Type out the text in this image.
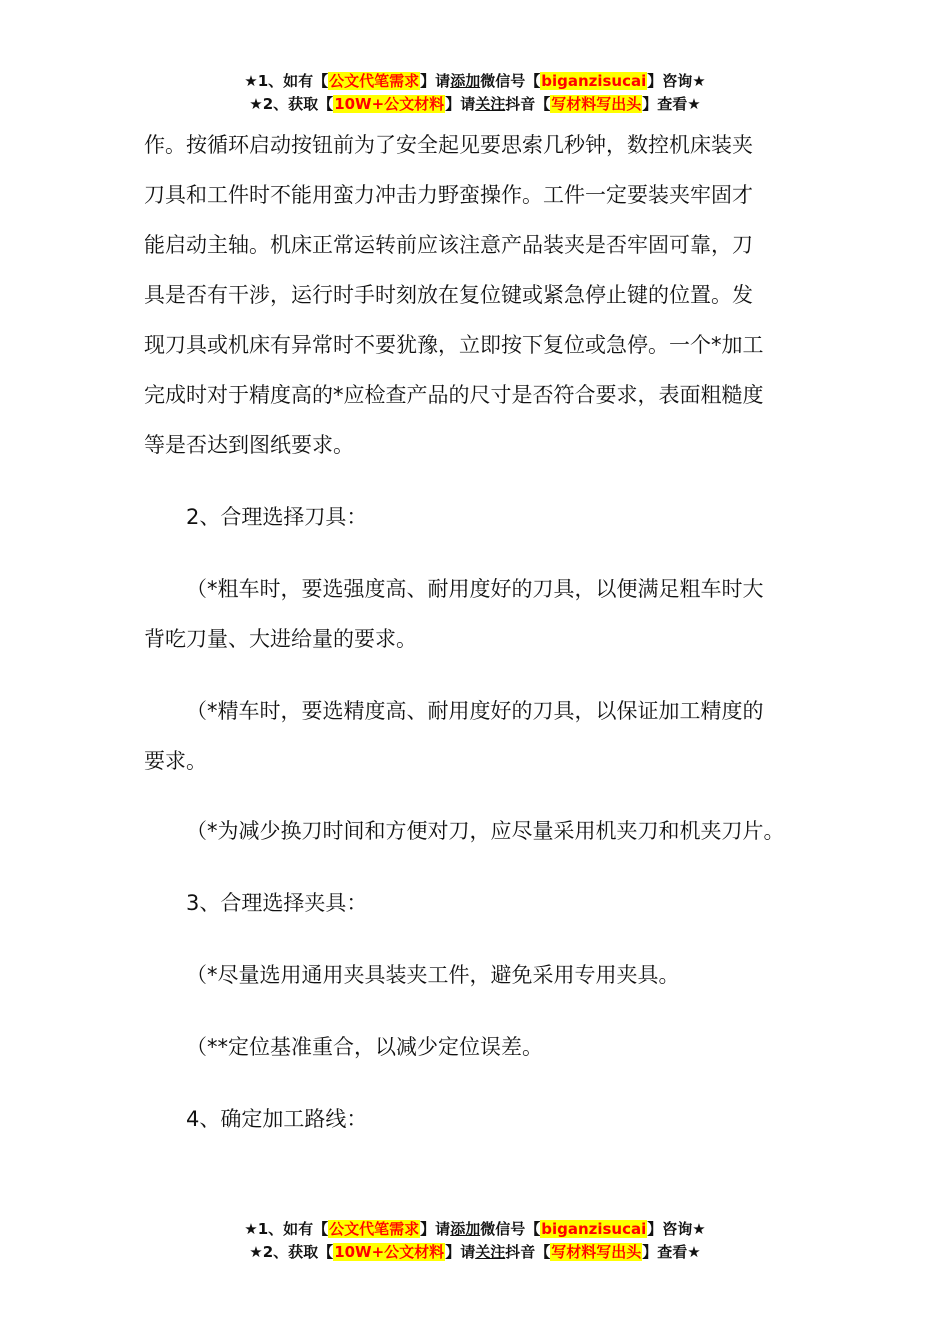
★1、如有【公文代笔需求】请添加微信号【biganzisucai】咨询★
★2、获取【10W+公文材料】请关注抖音【写材料写出头】查看★

作。按循环启动按钮前为了安全起见要思索几秒钟，数控机床装夹

刀具和工件时不能用蛮力冲击力野蛮操作。工件一定要装夹牢固才

能启动主轴。机床正常运转前应该注意产品装夹是否牢固可靠，刀

具是否有干涉，运行时手时刻放在复位键或紧急停止键的位置。发

现刀具或机床有异常时不要犹豫，立即按下复位或急停。一个*加工

完成时对于精度高的*应检查产品的尺寸是否符合要求，表面粗糙度

等是否达到图纸要求。

2、合理选择刀具：

（*粗车时，要选强度高、耐用度好的刀具，以便满足粗车时大

背吃刀量、大进给量的要求。

（*精车时，要选精度高、耐用度好的刀具，以保证加工精度的

要求。

（*为减少换刀时间和方便对刀，应尽量采用机夹刀和机夹刀片。
3、合理选择夹具：
（*尽量选用通用夹具装夹工件，避免采用专用夹具。
（**定位基准重合，以减少定位误差。
4、确定加工路线：
★1、如有【公文代笔需求】请添加微信号【biganzisucai】咨询★
★2、获取【10W+公文材料】请关注抖音【写材料写出头】查看★
